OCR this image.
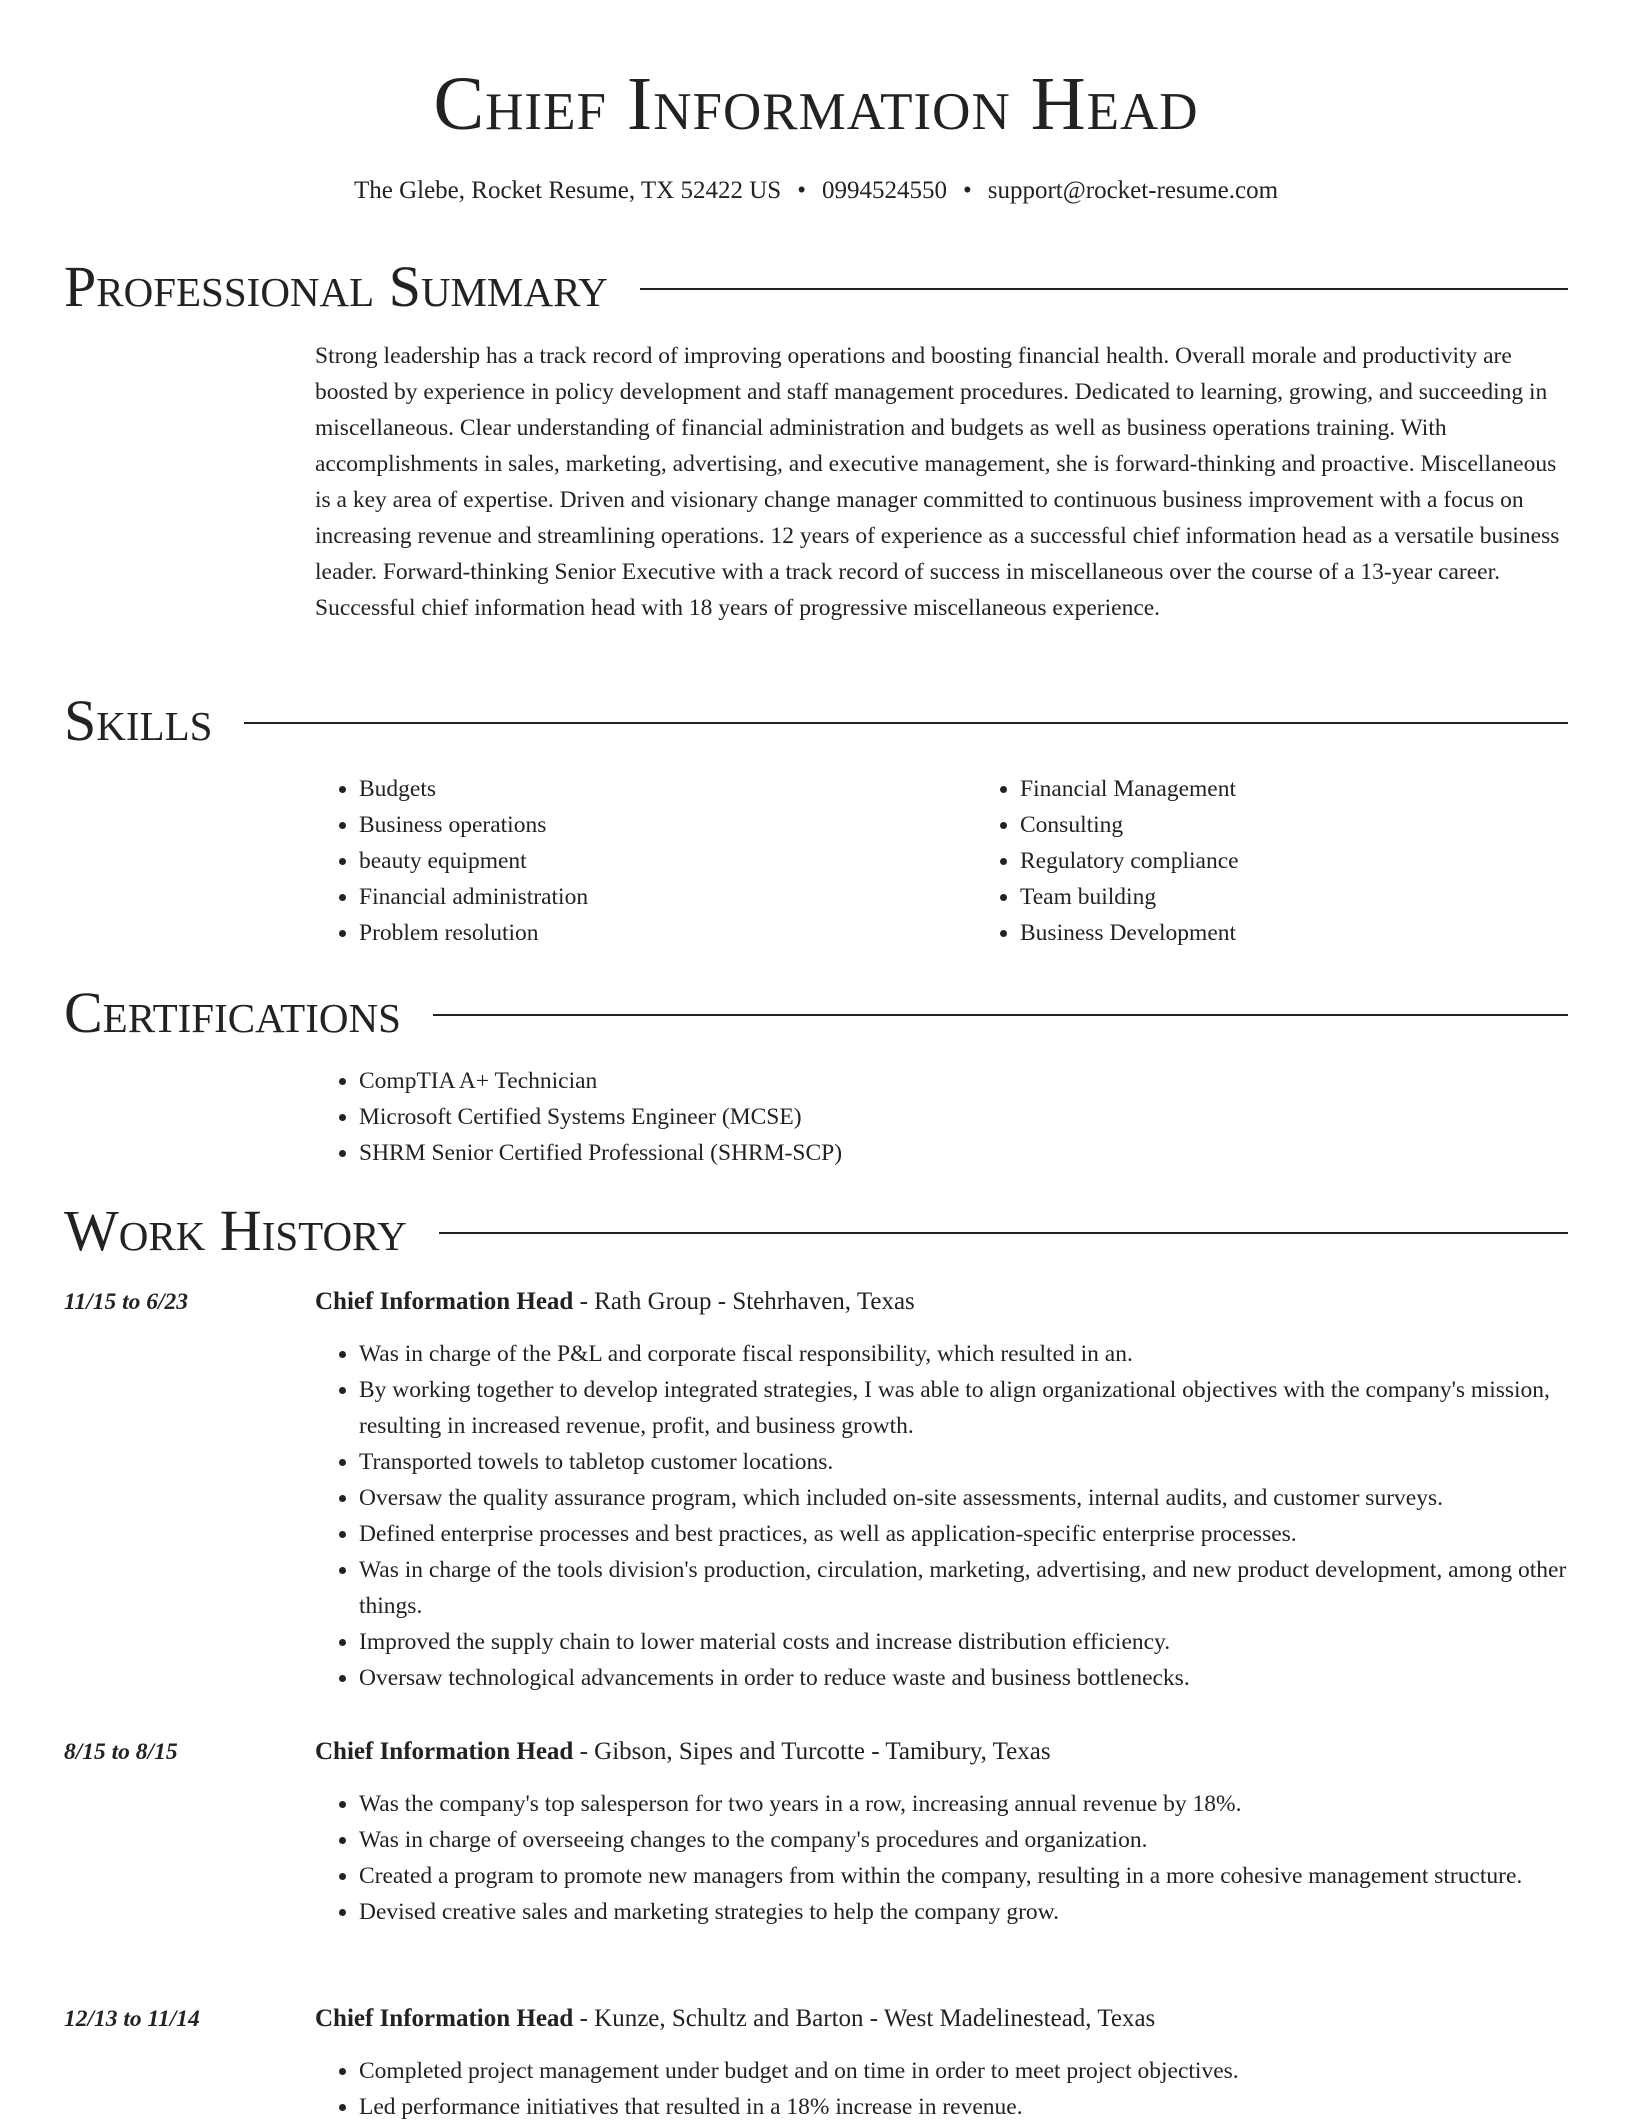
Chief Information Head
The Glebe, Rocket Resume, TX 52422 US • 0994524550 • support@rocket-resume.com
Professional Summary

Strong leadership has a track record of improving operations and boosting financial health. Overall morale and productivity are boosted by experience in policy development and staff management procedures. Dedicated to learning, growing, and succeeding in miscellaneous. Clear understanding of financial administration and budgets as well as business operations training. With accomplishments in sales, marketing, advertising, and executive management, she is forward-thinking and proactive. Miscellaneous is a key area of expertise. Driven and visionary change manager committed to continuous business improvement with a focus on increasing revenue and streamlining operations. 12 years of experience as a successful chief information head as a versatile business leader. Forward-thinking Senior Executive with a track record of success in miscellaneous over the course of a 13-year career. Successful chief information head with 18 years of progressive miscellaneous experience.

Skills
• Budgets
• Business operations
• beauty equipment
• Financial administration
• Problem resolution
• Financial Management
• Consulting
• Regulatory compliance
• Team building
• Business Development
Certifications
• CompTIA A+ Technician
• Microsoft Certified Systems Engineer (MCSE)
• SHRM Senior Certified Professional (SHRM-SCP)
Work History
11/15 to 6/23	Chief Information Head - Rath Group - Stehrhaven, Texas
• Was in charge of the P&L and corporate fiscal responsibility, which resulted in an.
• By working together to develop integrated strategies, I was able to align organizational objectives with the company's mission, resulting in increased revenue, profit, and business growth.
• Transported towels to tabletop customer locations.
• Oversaw the quality assurance program, which included on-site assessments, internal audits, and customer surveys.
• Defined enterprise processes and best practices, as well as application-specific enterprise processes.
• Was in charge of the tools division's production, circulation, marketing, advertising, and new product development, among other things.
• Improved the supply chain to lower material costs and increase distribution efficiency.
• Oversaw technological advancements in order to reduce waste and business bottlenecks.
8/15 to 8/15	Chief Information Head - Gibson, Sipes and Turcotte - Tamibury, Texas
• Was the company's top salesperson for two years in a row, increasing annual revenue by 18%.
• Was in charge of overseeing changes to the company's procedures and organization.
• Created a program to promote new managers from within the company, resulting in a more cohesive management structure.
• Devised creative sales and marketing strategies to help the company grow.
12/13 to 11/14	Chief Information Head - Kunze, Schultz and Barton - West Madelinestead, Texas
• Completed project management under budget and on time in order to meet project objectives.
• Led performance initiatives that resulted in a 18% increase in revenue.
